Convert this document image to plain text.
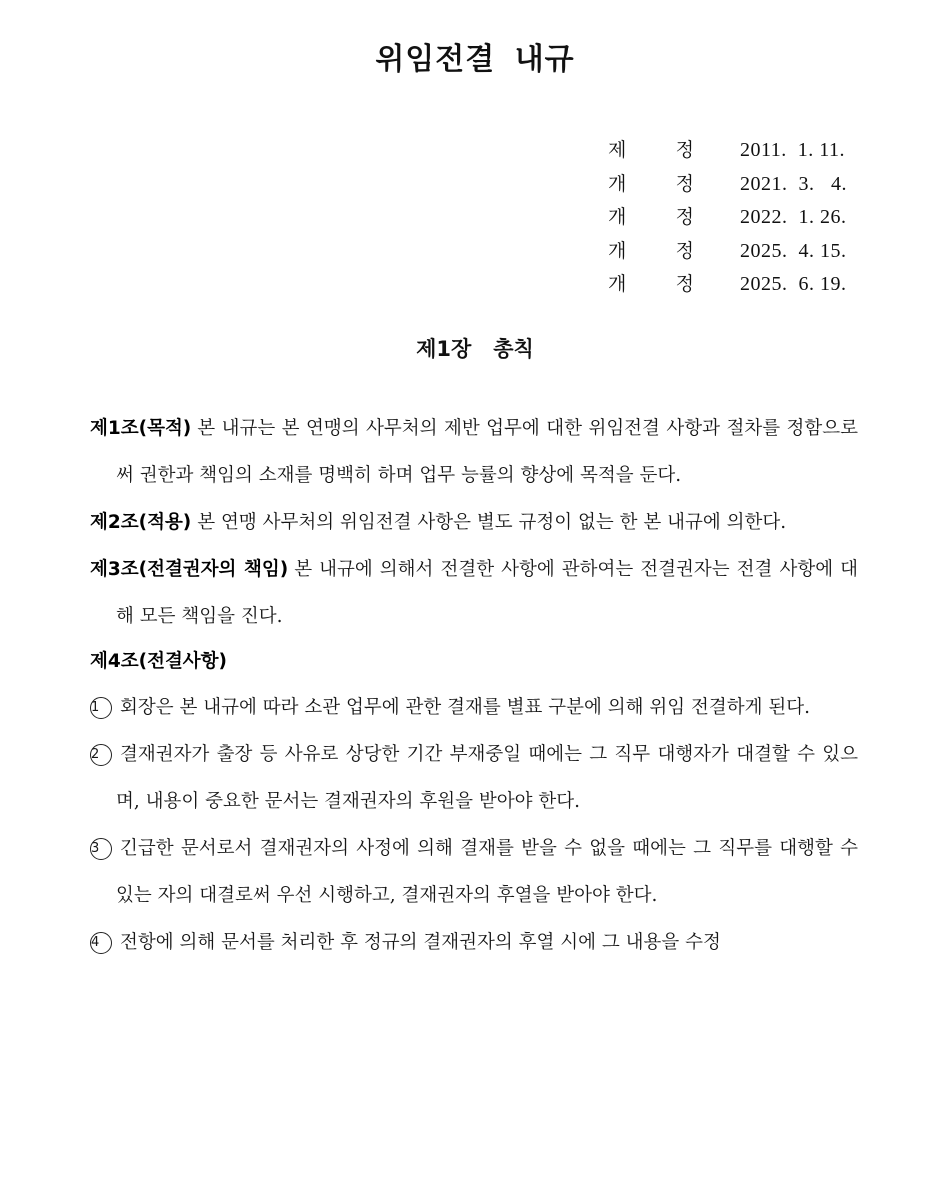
위임전결 내규
제	정 2011.  1. 11.
개	정 2021.  3.   4.
개	정 2022.  1. 26.
개	정 2025.  4. 15.
개	정 2025.  6. 19.
제1장   총칙

제1조(목적) 본 내규는 본 연맹의 사무처의 제반 업무에 대한 위임전결 사항과 절차를 정함으로써 권한과 책임의 소재를 명백히 하며 업무 능률의 향상에 목적을 둔다.

제2조(적용) 본 연맹 사무처의 위임전결 사항은 별도 규정이 없는 한 본 내규에 의한다.

제3조(전결권자의 책임) 본 내규에 의해서 전결한 사항에 관하여는 전결권자는 전결 사항에 대해 모든 책임을 진다.

제4조(전결사항)

1 회장은 본 내규에 따라 소관 업무에 관한 결재를 별표 구분에 의해 위임 전결하게 된다.

2 결재권자가 출장 등 사유로 상당한 기간 부재중일 때에는 그 직무 대행자가 대결할 수 있으며, 내용이 중요한 문서는 결재권자의 후원을 받아야 한다.

3 긴급한 문서로서 결재권자의 사정에 의해 결재를 받을 수 없을 때에는 그 직무를 대행할 수 있는 자의 대결로써 우선 시행하고, 결재권자의 후열을 받아야 한다.

4 전항에 의해 문서를 처리한 후 정규의 결재권자의 후열 시에 그 내용을 수정
